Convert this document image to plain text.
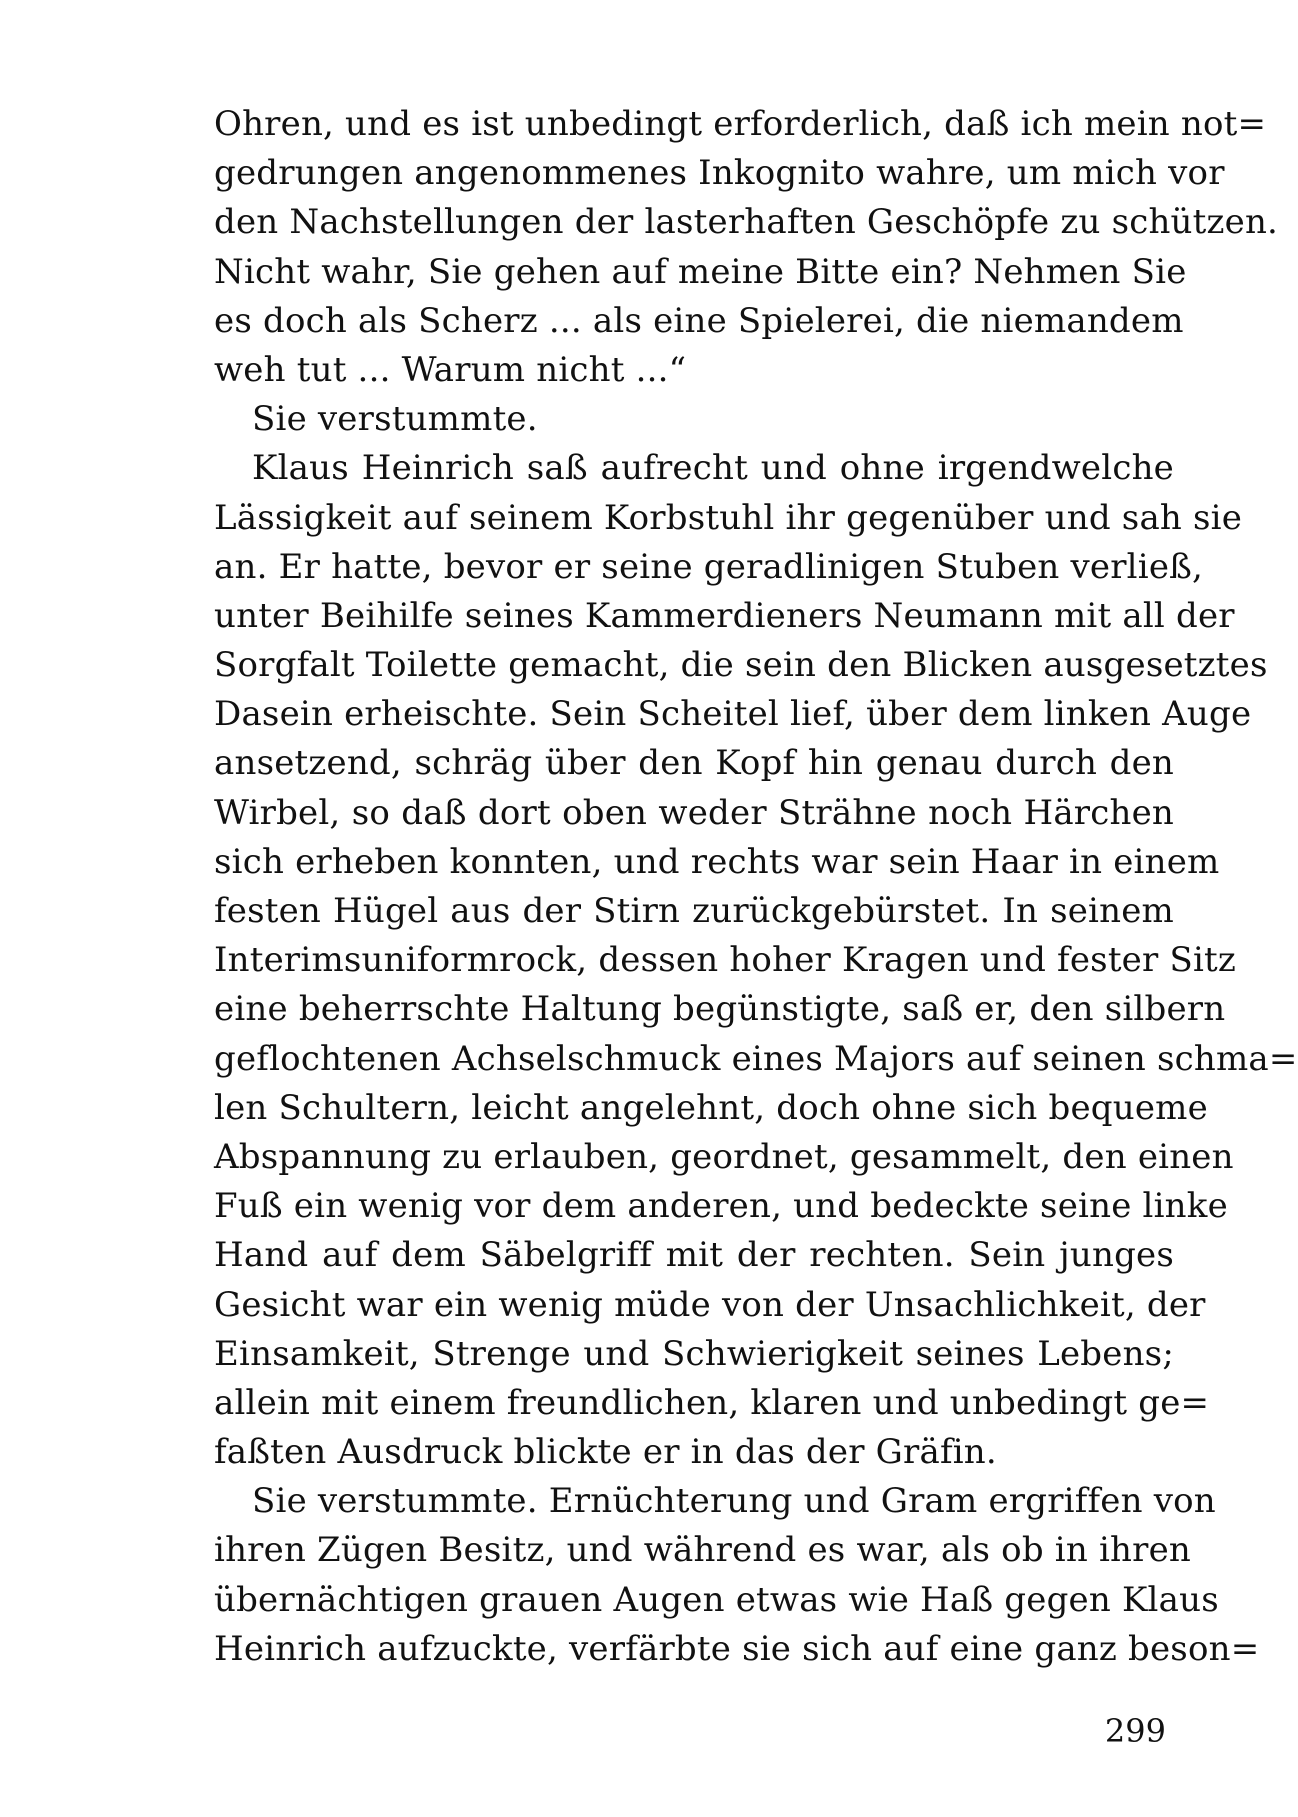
Ohren, und es ist unbedingt erforderlich, daß ich mein not=
gedrungen angenommenes Inkognito wahre, um mich vor
den Nachstellungen der lasterhaften Geschöpfe zu schützen.
Nicht wahr, Sie gehen auf meine Bitte ein? Nehmen Sie
es doch als Scherz ... als eine Spielerei, die niemandem
weh tut ... Warum nicht ...“
Sie verstummte.
Klaus Heinrich saß aufrecht und ohne irgendwelche
Lässigkeit auf seinem Korbstuhl ihr gegenüber und sah sie
an. Er hatte, bevor er seine geradlinigen Stuben verließ,
unter Beihilfe seines Kammerdieners Neumann mit all der
Sorgfalt Toilette gemacht, die sein den Blicken ausgesetztes
Dasein erheischte. Sein Scheitel lief, über dem linken Auge
ansetzend, schräg über den Kopf hin genau durch den
Wirbel, so daß dort oben weder Strähne noch Härchen
sich erheben konnten, und rechts war sein Haar in einem
festen Hügel aus der Stirn zurückgebürstet. In seinem
Interimsuniformrock, dessen hoher Kragen und fester Sitz
eine beherrschte Haltung begünstigte, saß er, den silbern
geflochtenen Achselschmuck eines Majors auf seinen schma=
len Schultern, leicht angelehnt, doch ohne sich bequeme
Abspannung zu erlauben, geordnet, gesammelt, den einen
Fuß ein wenig vor dem anderen, und bedeckte seine linke
Hand auf dem Säbelgriff mit der rechten. Sein junges
Gesicht war ein wenig müde von der Unsachlichkeit, der
Einsamkeit, Strenge und Schwierigkeit seines Lebens;
allein mit einem freundlichen, klaren und unbedingt ge=
faßten Ausdruck blickte er in das der Gräfin.
Sie verstummte. Ernüchterung und Gram ergriffen von
ihren Zügen Besitz, und während es war, als ob in ihren
übernächtigen grauen Augen etwas wie Haß gegen Klaus
Heinrich aufzuckte, verfärbte sie sich auf eine ganz beson=
299
